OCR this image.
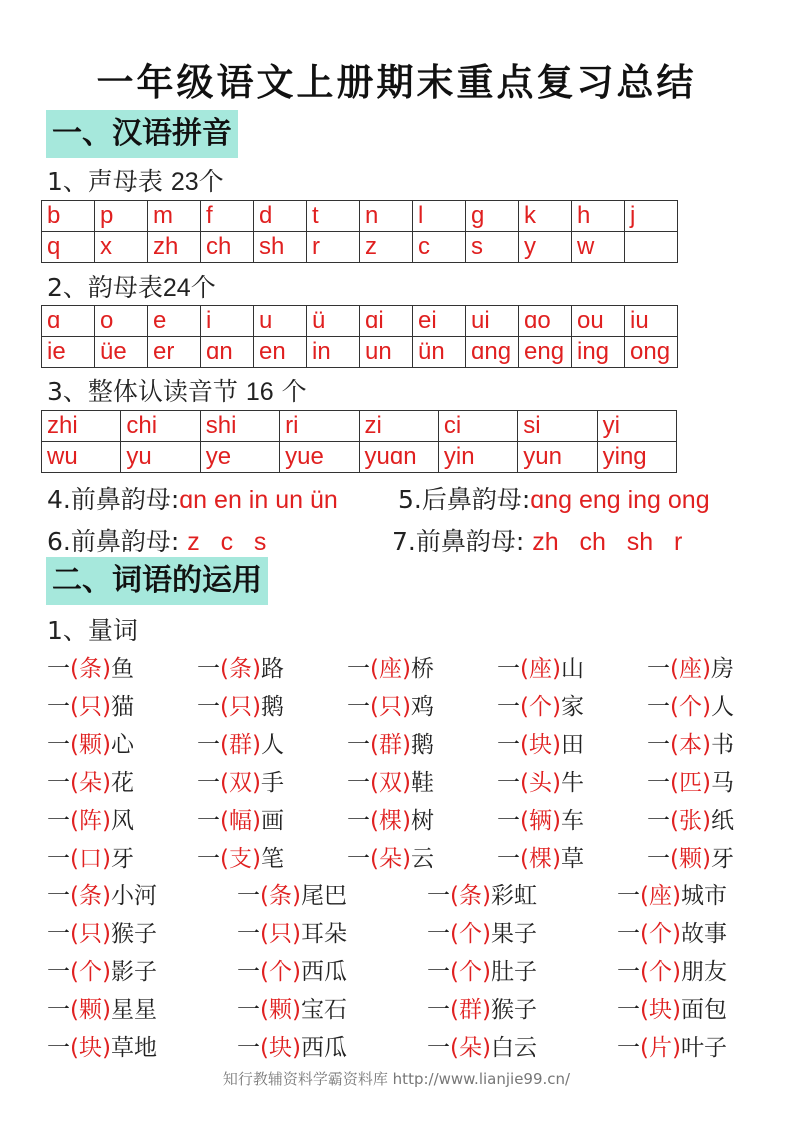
一年级语文上册期末重点复习总结
一、汉语拼音
1、声母表 23个
b	p	m	f	d	t	n	l	g	k	h	j
q	x	zh	ch	sh	r	z	c	s	y	w	
2、韵母表24个
ɑ	o	e	i	u	ü	ɑi	ei	ui	ɑo	ou	iu
ie	üe	er	ɑn	en	in	un	ün	ɑng	eng	ing	ong
3、整体认读音节 16 个
zhi	chi	shi	ri	zi	ci	si	yi
wu	yu	ye	yue	yuɑn	yin	yun	ying
4.前鼻韵母:ɑn en in un ün 5.后鼻韵母:ɑng eng ing ong
6.前鼻韵母: z   c   s	7.前鼻韵母: zh   ch   sh   r
二、词语的运用
1、量词
一(条)鱼	一(条)路	一(座)桥	一(座)山	一(座)房
一(只)猫	一(只)鹅	一(只)鸡	一(个)家	一(个)人
一(颗)心	一(群)人	一(群)鹅	一(块)田	一(本)书
一(朵)花	一(双)手	一(双)鞋	一(头)牛	一(匹)马
一(阵)风	一(幅)画	一(棵)树	一(辆)车	一(张)纸
一(口)牙	一(支)笔	一(朵)云	一(棵)草	一(颗)牙
一(条)小河	一(条)尾巴	一(条)彩虹	一(座)城市
一(只)猴子	一(只)耳朵	一(个)果子	一(个)故事
一(个)影子	一(个)西瓜	一(个)肚子	一(个)朋友
一(颗)星星	一(颗)宝石	一(群)猴子	一(块)面包
一(块)草地	一(块)西瓜	一(朵)白云	一(片)叶子
知行教辅资料学霸资料库 http://www.lianjie99.cn/
